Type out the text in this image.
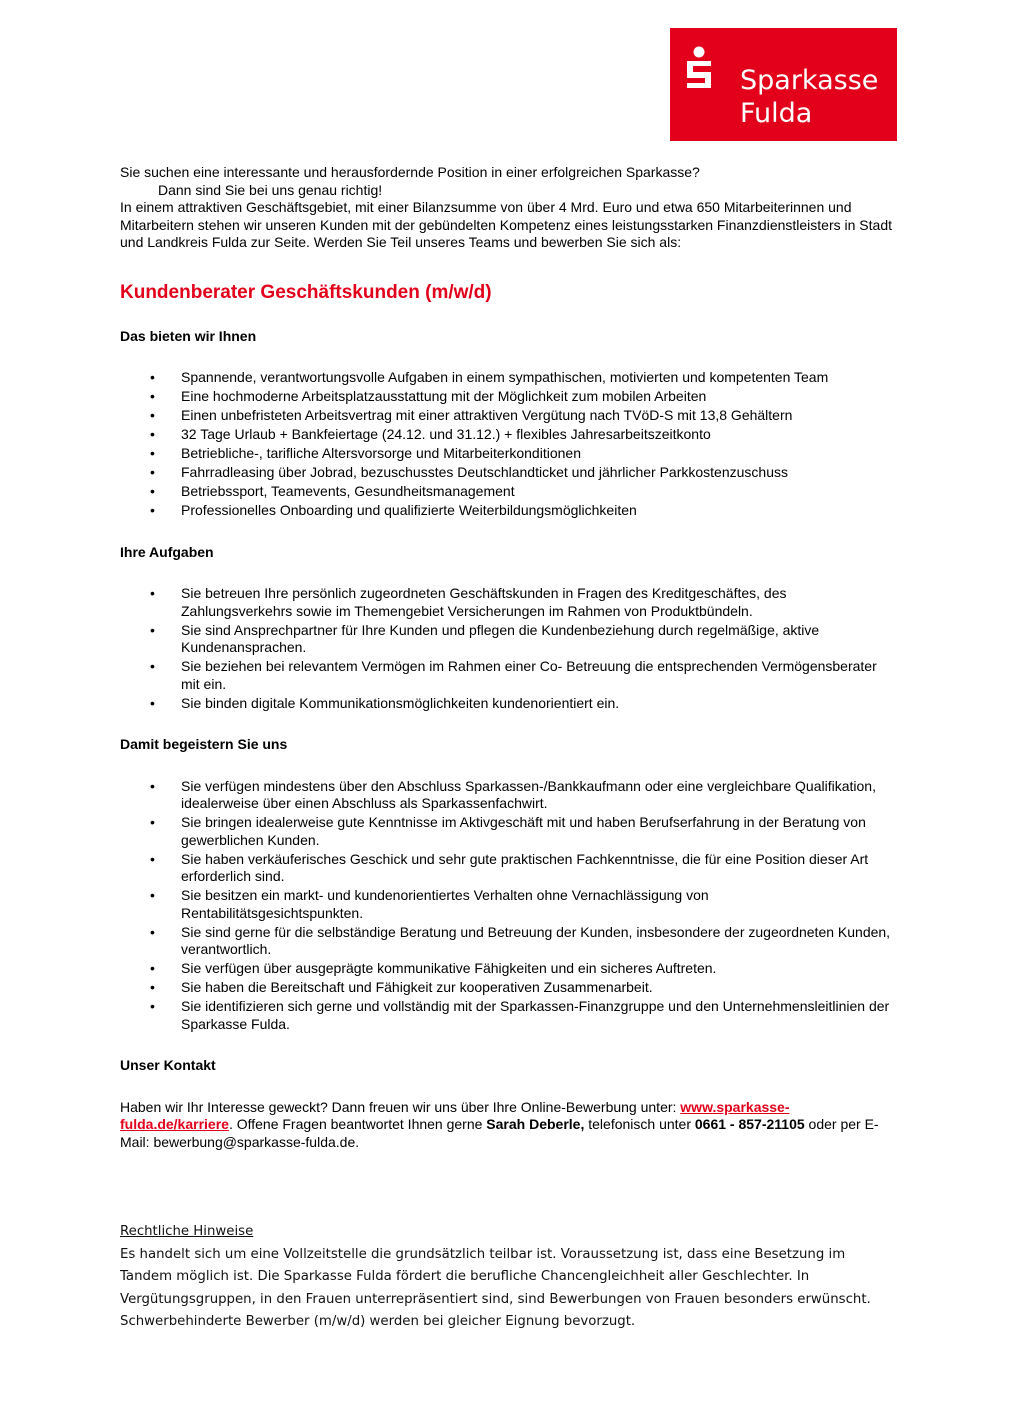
Sparkasse
Fulda

Sie suchen eine interessante und herausfordernde Position in einer erfolgreichen Sparkasse?Dann sind Sie bei uns genau richtig!

In einem attraktiven Geschäftsgebiet, mit einer Bilanzsumme von über 4 Mrd. Euro und etwa 650 Mitarbeiterinnen und Mitarbeitern stehen wir unseren Kunden mit der gebündelten Kompetenz eines leistungsstarken Finanzdienstleisters in Stadt und Landkreis Fulda zur Seite. Werden Sie Teil unseres Teams und bewerben Sie sich als:

Kundenberater Geschäftskunden (m/w/d)
Das bieten wir Ihnen
• Spannende, verantwortungsvolle Aufgaben in einem sympathischen, motivierten und kompetenten Team
• Eine hochmoderne Arbeitsplatzausstattung mit der Möglichkeit zum mobilen Arbeiten
• Einen unbefristeten Arbeitsvertrag mit einer attraktiven Vergütung nach TVöD-S mit 13,8 Gehältern
• 32 Tage Urlaub + Bankfeiertage (24.12. und 31.12.) + flexibles Jahresarbeitszeitkonto
• Betriebliche-, tarifliche Altersvorsorge und Mitarbeiterkonditionen
• Fahrradleasing über Jobrad, bezuschusstes Deutschlandticket und jährlicher Parkkostenzuschuss
• Betriebssport, Teamevents, Gesundheitsmanagement
• Professionelles Onboarding und qualifizierte Weiterbildungsmöglichkeiten
Ihre Aufgaben
• Sie betreuen Ihre persönlich zugeordneten Geschäftskunden in Fragen des Kreditgeschäftes, des Zahlungsverkehrs sowie im Themengebiet Versicherungen im Rahmen von Produktbündeln.
• Sie sind Ansprechpartner für Ihre Kunden und pflegen die Kundenbeziehung durch regelmäßige, aktive Kundenansprachen.
• Sie beziehen bei relevantem Vermögen im Rahmen einer Co- Betreuung die entsprechenden Vermögensberater mit ein.
• Sie binden digitale Kommunikationsmöglichkeiten kundenorientiert ein.
Damit begeistern Sie uns
• Sie verfügen mindestens über den Abschluss Sparkassen-/Bankkaufmann oder eine vergleichbare Qualifikation, idealerweise über einen Abschluss als Sparkassenfachwirt.
• Sie bringen idealerweise gute Kenntnisse im Aktivgeschäft mit und haben Berufserfahrung in der Beratung von gewerblichen Kunden.
• Sie haben verkäuferisches Geschick und sehr gute praktischen Fachkenntnisse, die für eine Position dieser Art erforderlich sind.
• Sie besitzen ein markt- und kundenorientiertes Verhalten ohne Vernachlässigung von Rentabilitätsgesichtspunkten.
• Sie sind gerne für die selbständige Beratung und Betreuung der Kunden, insbesondere der zugeordneten Kunden, verantwortlich.
• Sie verfügen über ausgeprägte kommunikative Fähigkeiten und ein sicheres Auftreten.
• Sie haben die Bereitschaft und Fähigkeit zur kooperativen Zusammenarbeit.
• Sie identifizieren sich gerne und vollständig mit der Sparkassen-Finanzgruppe und den Unternehmensleitlinien der Sparkasse Fulda.
Unser Kontakt

Haben wir Ihr Interesse geweckt? Dann freuen wir uns über Ihre Online-Bewerbung unter: www.sparkasse-fulda.de/karriere. Offene Fragen beantwortet Ihnen gerne Sarah Deberle, telefonisch unter 0661 - 857-21105 oder per E-Mail: bewerbung@sparkasse-fulda.de.

Rechtliche Hinweise

Es handelt sich um eine Vollzeitstelle die grundsätzlich teilbar ist. Voraussetzung ist, dass eine Besetzung im Tandem möglich ist. Die Sparkasse Fulda fördert die berufliche Chancengleichheit aller Geschlechter. In Vergütungsgruppen, in den Frauen unterrepräsentiert sind, sind Bewerbungen von Frauen besonders erwünscht. Schwerbehinderte Bewerber (m/w/d) werden bei gleicher Eignung bevorzugt.
